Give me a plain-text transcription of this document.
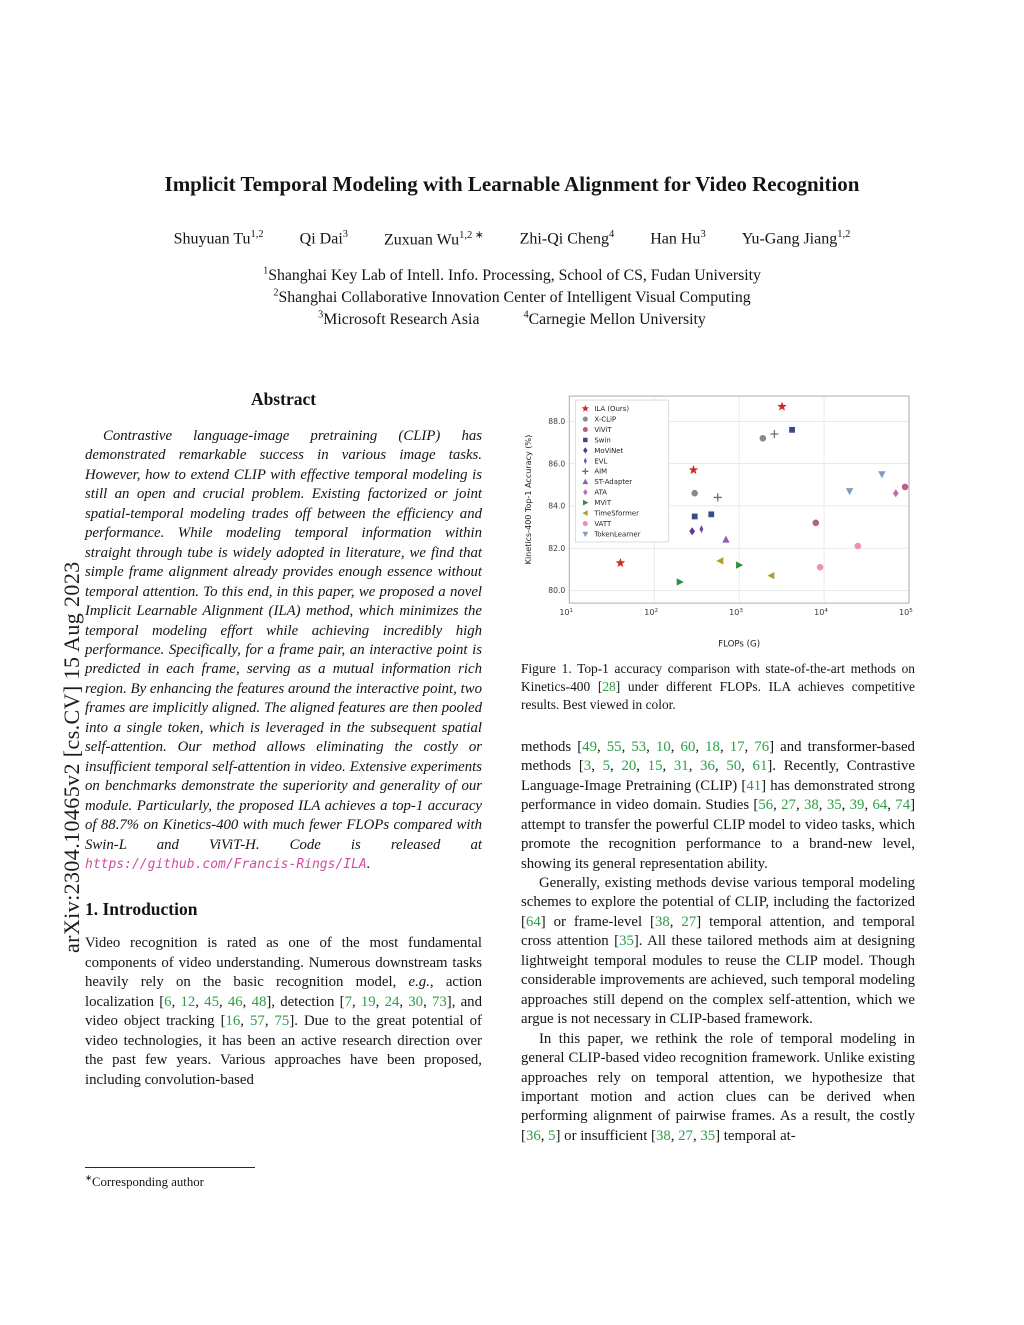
arXiv:2304.10465v2 [cs.CV] 15 Aug 2023
Implicit Temporal Modeling with Learnable Alignment for Video Recognition
Shuyuan Tu$^{1,2}$ Qi Dai$^3$ Zuxuan $Wu^{1,2 ∗}$ Zhi-Qi Cheng$^4$ Han Hu$^3$ Yu-Gang Jiang$^{1,2}$
$^1$Shanghai Key Lab of Intell. Info. Processing, School of CS, Fudan University
$^2$Shanghai Collaborative Innovation Center of Intelligent Visual Computing
$^3$Microsoft Research Asia	$^4$Carnegie Mellon University
Abstract

Contrastive language-image pretraining (CLIP) has demonstrated remarkable success in various image tasks. However, how to extend CLIP with effective temporal modeling is still an open and crucial problem. Existing factorized or joint spatial-temporal modeling trades off between the efficiency and performance. While modeling temporal information within straight through tube is widely adopted in literature, we find that simple frame alignment already provides enough essence without temporal attention. To this end, in this paper, we proposed a novel Implicit Learnable Alignment (ILA) method, which minimizes the temporal modeling effort while achieving incredibly high performance. Specifically, for a frame pair, an interactive point is predicted in each frame, serving as a mutual information rich region. By enhancing the features around the interactive point, two frames are implicitly aligned. The aligned features are then pooled into a single token, which is leveraged in the subsequent spatial self-attention. Our method allows eliminating the costly or insufficient temporal self-attention in video. Extensive experiments on benchmarks demonstrate the superiority and generality of our module. Particularly, the proposed ILA achieves a top-1 accuracy of 88.7% on Kinetics-400 with much fewer FLOPs compared with Swin-L and ViViT-H. Code is released at https://github.com/Francis-Rings/ILA.

1. Introduction

Video recognition is rated as one of the most fundamental components of video understanding. Numerous downstream tasks heavily rely on the basic recognition model, e.g., action localization [6, 12, 45, 46, 48], detection [7, 19, 24, 30, 73], and video object tracking [16, 57, 75]. Due to the great potential of video technologies, it has been an active research direction over the past few years. Various approaches have been proposed, including convolution-based

80.0
82.0
84.0
86.0
88.0
$10^1$	$10^2$	$10^3$	$10^4$	$10^5$
FLOPs (G)
Kinetics-400 Top-1 Accuracy (%)
ILA (Ours)
X-CLiP
ViViT
Swin
MoViNet
EVL
AIM
ST-Adapter
ATA
MViT
TimeSformer
VATT
TokenLearner
Figure 1. Top-1 accuracy comparison with state-of-the-art methods on Kinetics-400 [28] under different FLOPs. ILA achieves competitive results. Best viewed in color.

methods [49, 55, 53, 10, 60, 18, 17, 76] and transformer-based methods [3, 5, 20, 15, 31, 36, 50, 61]. Recently, Contrastive Language-Image Pretraining (CLIP) [41] has demonstrated strong performance in video domain. Studies [56, 27, 38, 35, 39, 64, 74] attempt to transfer the powerful CLIP model to video tasks, which promote the recognition performance to a brand-new level, showing its general representation ability.

Generally, existing methods devise various temporal modeling schemes to explore the potential of CLIP, including the factorized [64] or frame-level [38, 27] temporal attention, and temporal cross attention [35]. All these tailored methods aim at designing lightweight temporal modules to reuse the CLIP model. Though considerable improvements are achieved, such temporal modeling approaches still depend on the complex self-attention, which we argue is not necessary in CLIP-based framework.

In this paper, we rethink the role of temporal modeling in general CLIP-based video recognition framework. Unlike existing approaches rely on temporal attention, we hypothesize that important motion and action clues can be derived when performing alignment of pairwise frames. As a result, the costly [36, 5] or insufficient [38, 27, 35] temporal at-

∗Corresponding author
